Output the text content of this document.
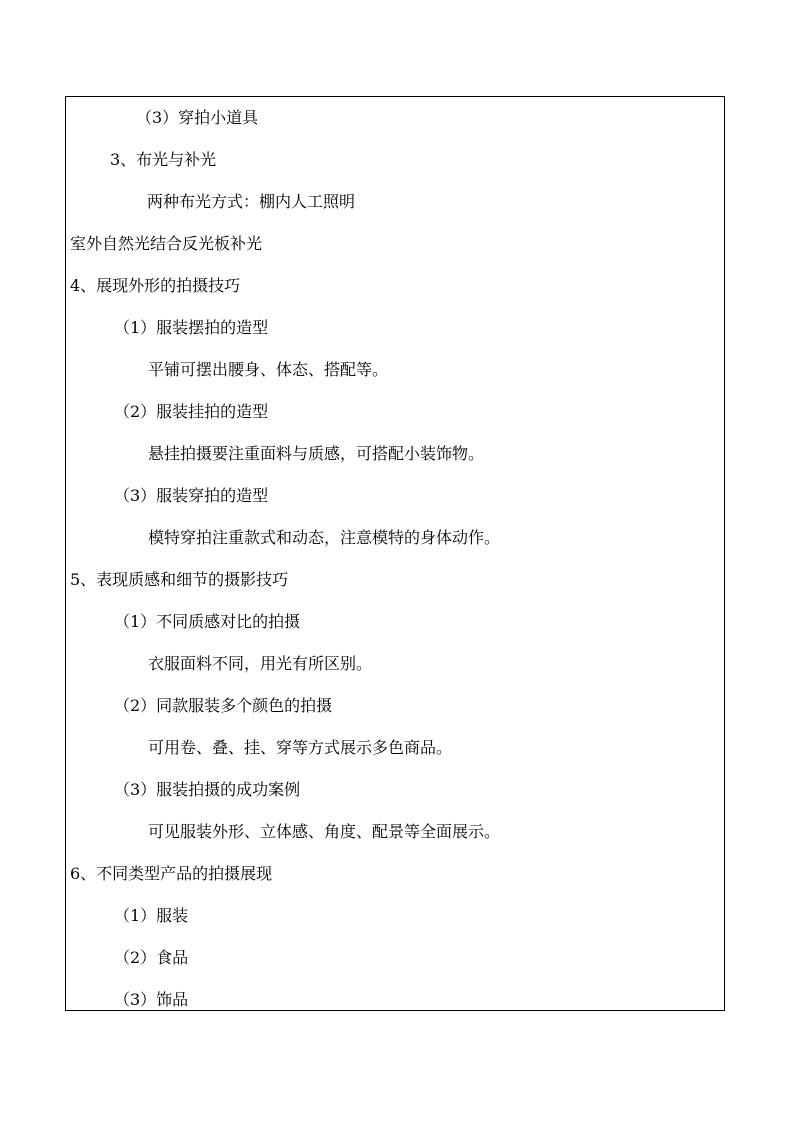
（3）穿拍小道具
3、布光与补光
两种布光方式：棚内人工照明
室外自然光结合反光板补光
4、展现外形的拍摄技巧
（1）服装摆拍的造型
平铺可摆出腰身、体态、搭配等。
（2）服装挂拍的造型
悬挂拍摄要注重面料与质感，可搭配小装饰物。
（3）服装穿拍的造型
模特穿拍注重款式和动态，注意模特的身体动作。
5、表现质感和细节的摄影技巧
（1）不同质感对比的拍摄
衣服面料不同，用光有所区别。
（2）同款服装多个颜色的拍摄
可用卷、叠、挂、穿等方式展示多色商品。
（3）服装拍摄的成功案例
可见服装外形、立体感、角度、配景等全面展示。
6、不同类型产品的拍摄展现
（1）服装
（2）食品
（3）饰品
